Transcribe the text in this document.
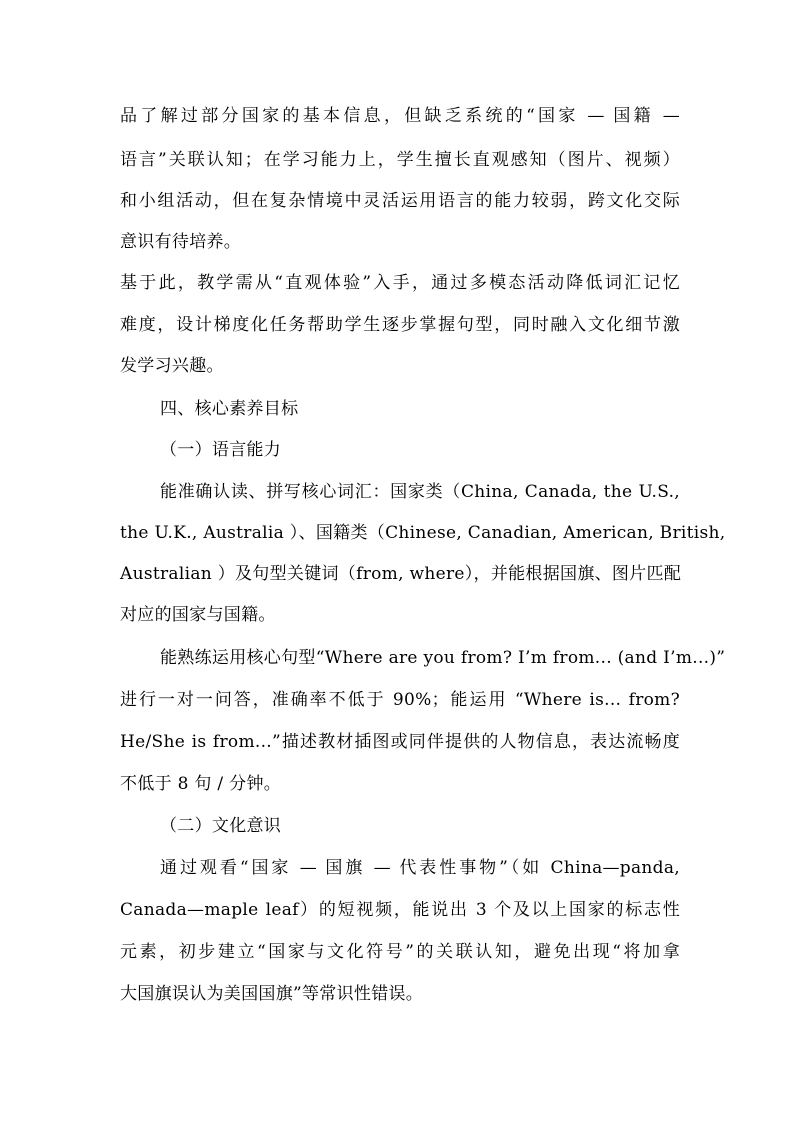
品了解过部分国家的基本信息，但缺乏系统的“国家 — 国籍 —
语言”关联认知；在学习能力上，学生擅长直观感知（图片、视频）
和小组活动，但在复杂情境中灵活运用语言的能力较弱，跨文化交际
意识有待培养。
基于此，教学需从“直观体验”入手，通过多模态活动降低词汇记忆
难度，设计梯度化任务帮助学生逐步掌握句型，同时融入文化细节激
发学习兴趣。
四、核心素养目标
（一）语言能力
能准确认读、拼写核心词汇：国家类（China, Canada, the U.S.,
the U.K., Australia ）、国籍类（Chinese, Canadian, American, British,
Australian ）及句型关键词（from, where），并能根据国旗、图片匹配
对应的国家与国籍。
能熟练运用核心句型“Where are you from? I’m from... (and I’m...)”
进行一对一问答，准确率不低于 90%；能运用 “Where is... from?
He/She is from...”描述教材插图或同伴提供的人物信息，表达流畅度
不低于 8 句 / 分钟。
（二）文化意识
通过观看“国家 — 国旗 — 代表性事物”（如 China—panda,
Canada—maple leaf）的短视频，能说出 3 个及以上国家的标志性
元素，初步建立“国家与文化符号”的关联认知，避免出现“将加拿
大国旗误认为美国国旗”等常识性错误。
